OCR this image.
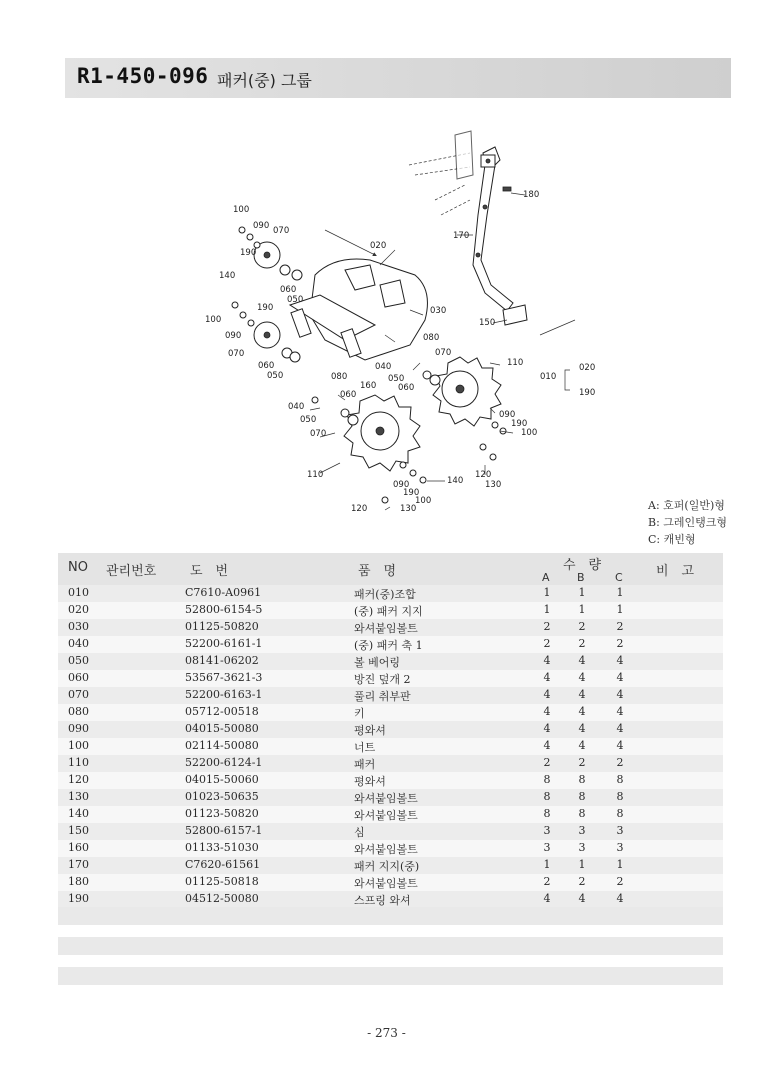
R1-450-096 패커(중) 그룹
100
090 070
190
140
060
050
020
190
100
090
070
060
050
030
080
070
040
050
060
080
160
060
040
050
070
110
090
190
100
120
130
110
090
190
100
140
120	130
170
180
150
010
020
190
A: 호퍼(일반)형
B: 그레인탱크형
C: 캐빈형
NO 관리번호	도　번	품　명	수　량
A B	C	비　고
010	C7610-A0961	패커(중)조합	1	1	1
020	52800-6154-5	(중) 패커 지지	1	1	1
030	01125-50820	와셔붙임볼트	2	2	2
040	52200-6161-1	(중) 패커 축 1	2	2	2
050	08141-06202	볼 베어링	4	4	4
060	53567-3621-3	방진 덮개 2	4	4	4
070	52200-6163-1	풀리 취부판	4	4	4
080	05712-00518	키	4	4	4
090	04015-50080	평와셔	4	4	4
100	02114-50080	너트	4	4	4
110	52200-6124-1	패커	2	2	2
120	04015-50060	평와셔	8	8	8
130	01023-50635	와셔붙임볼트	8	8	8
140	01123-50820	와셔붙임볼트	8	8	8
150	52800-6157-1	심	3	3	3
160	01133-51030	와셔붙임볼트	3	3	3
170	C7620-61561	패커 지지(중)	1	1	1
180	01125-50818	와셔붙임볼트	2	2	2
190	04512-50080	스프링 와셔	4	4	4
- 273 -
